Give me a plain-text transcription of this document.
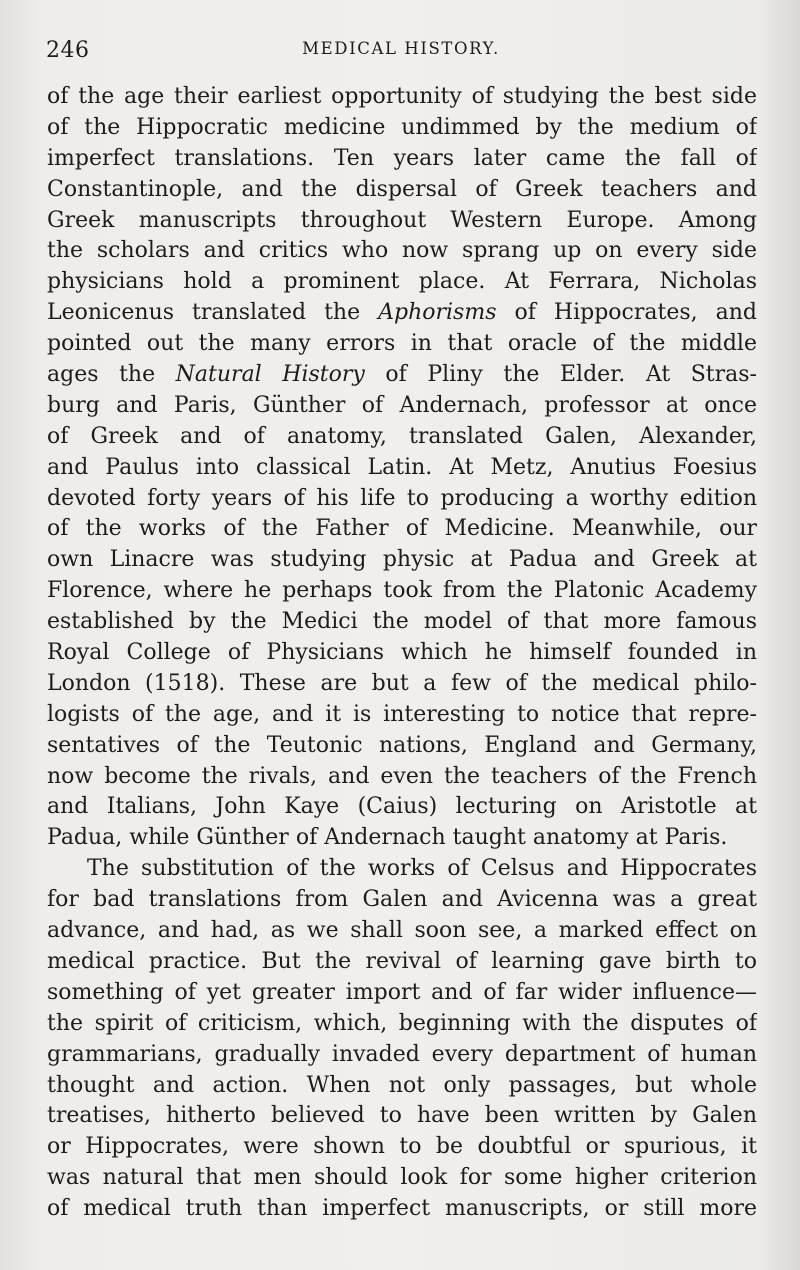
246	MEDICAL HISTORY.
of the age their earliest opportunity of studying the best side
of the Hippocratic medicine undimmed by the medium of
imperfect translations. Ten years later came the fall of
Constantinople, and the dispersal of Greek teachers and
Greek manuscripts throughout Western Europe. Among
the scholars and critics who now sprang up on every side
physicians hold a prominent place. At Ferrara, Nicholas
Leonicenus translated the Aphorisms of Hippocrates, and
pointed out the many errors in that oracle of the middle
ages the Natural History of Pliny the Elder. At Stras-
burg and Paris, Günther of Andernach, professor at once
of Greek and of anatomy, translated Galen, Alexander,
and Paulus into classical Latin. At Metz, Anutius Foesius
devoted forty years of his life to producing a worthy edition
of the works of the Father of Medicine. Meanwhile, our
own Linacre was studying physic at Padua and Greek at
Florence, where he perhaps took from the Platonic Academy
established by the Medici the model of that more famous
Royal College of Physicians which he himself founded in
London (1518). These are but a few of the medical philo-
logists of the age, and it is interesting to notice that repre-
sentatives of the Teutonic nations, England and Germany,
now become the rivals, and even the teachers of the French
and Italians, John Kaye (Caius) lecturing on Aristotle at
Padua, while Günther of Andernach taught anatomy at Paris.
The substitution of the works of Celsus and Hippocrates
for bad translations from Galen and Avicenna was a great
advance, and had, as we shall soon see, a marked effect on
medical practice. But the revival of learning gave birth to
something of yet greater import and of far wider influence—
the spirit of criticism, which, beginning with the disputes of
grammarians, gradually invaded every department of human
thought and action. When not only passages, but whole
treatises, hitherto believed to have been written by Galen
or Hippocrates, were shown to be doubtful or spurious, it
was natural that men should look for some higher criterion
of medical truth than imperfect manuscripts, or still more
